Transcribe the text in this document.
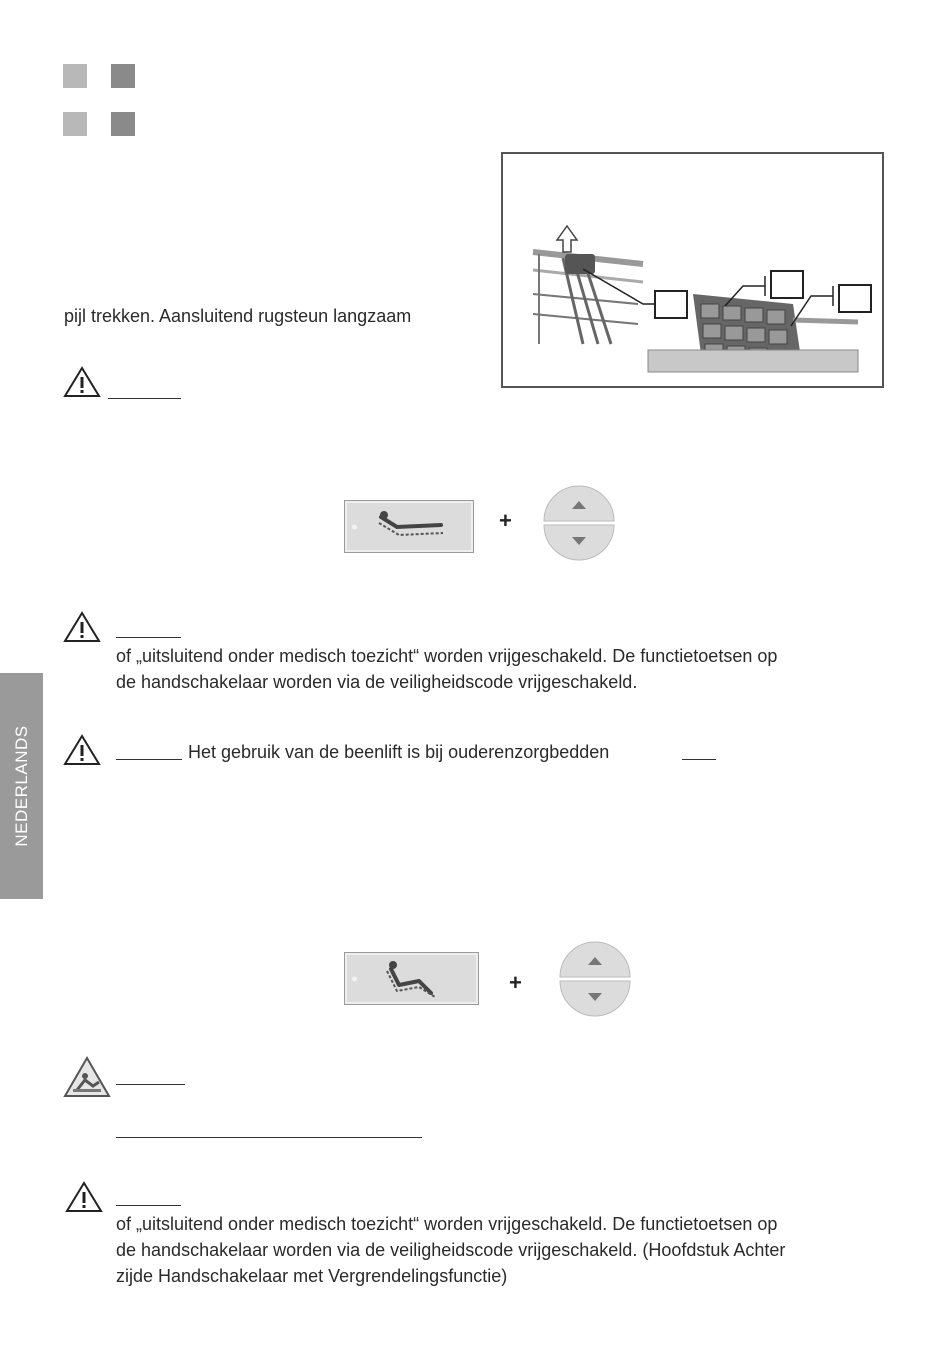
pijl trekken. Aansluitend rugsteun langzaam
+
of „uitsluitend onder medisch toezicht“ worden vrijgeschakeld. De functietoetsen op
de handschakelaar worden via de veiligheidscode vrijgeschakeld.
Het gebruik van de beenlift is bij ouderenzorgbedden
NEDERLANDS
+
of „uitsluitend onder medisch toezicht“ worden vrijgeschakeld. De functietoetsen op
de handschakelaar worden via de veiligheidscode vrijgeschakeld. (Hoofdstuk Achter
zijde Handschakelaar met Vergrendelingsfunctie)
